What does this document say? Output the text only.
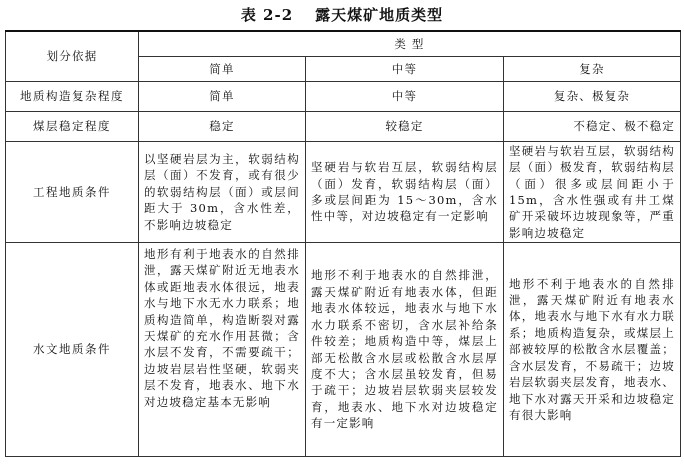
表 2-2 露天煤矿地质类型
划分依据	类 型		
	简单	中等	复杂
地质构造复杂程度	简单	中等	复杂、极复杂
煤层稳定程度	稳定	较稳定	不稳定、极不稳定
工程地质条件	以坚硬岩层为主，软弱结构层（面）不发育，或有很少的软弱结构层（面）或层间距大于 30m，含水性差，不影响边坡稳定	坚硬岩与软岩互层，软弱结构层（面）发育，软弱结构层（面）多或层间距为 15～30m，含水性中等，对边坡稳定有一定影响	坚硬岩与软岩互层，软弱结构层（面）极发育，软弱结构层（面）很多或层间距小于 15m，含水性强或有井工煤矿开采破坏边坡现象等，严重影响边坡稳定
水文地质条件	地形有利于地表水的自然排泄，露天煤矿附近无地表水体或距地表水体很远，地表水与地下水无水力联系；地质构造简单，构造断裂对露天煤矿的充水作用甚微；含水层不发育，不需要疏干；边坡岩层岩性坚硬，软弱夹层不发育，地表水、地下水对边坡稳定基本无影响	地形不利于地表水的自然排泄，露天煤矿附近有地表水体，但距地表水体较远，地表水与地下水水力联系不密切，含水层补给条件较差；地质构造中等，煤层上部无松散含水层或松散含水层厚度不大；含水层虽较发育，但易于疏干；边坡岩层软弱夹层较发育，地表水、地下水对边坡稳定有一定影响	地形不利于地表水的自然排泄，露天煤矿附近有地表水体，地表水与地下水有水力联系；地质构造复杂，或煤层上部被较厚的松散含水层覆盖；含水层发育，不易疏干；边坡岩层软弱夹层发育，地表水、地下水对露天开采和边坡稳定有很大影响
